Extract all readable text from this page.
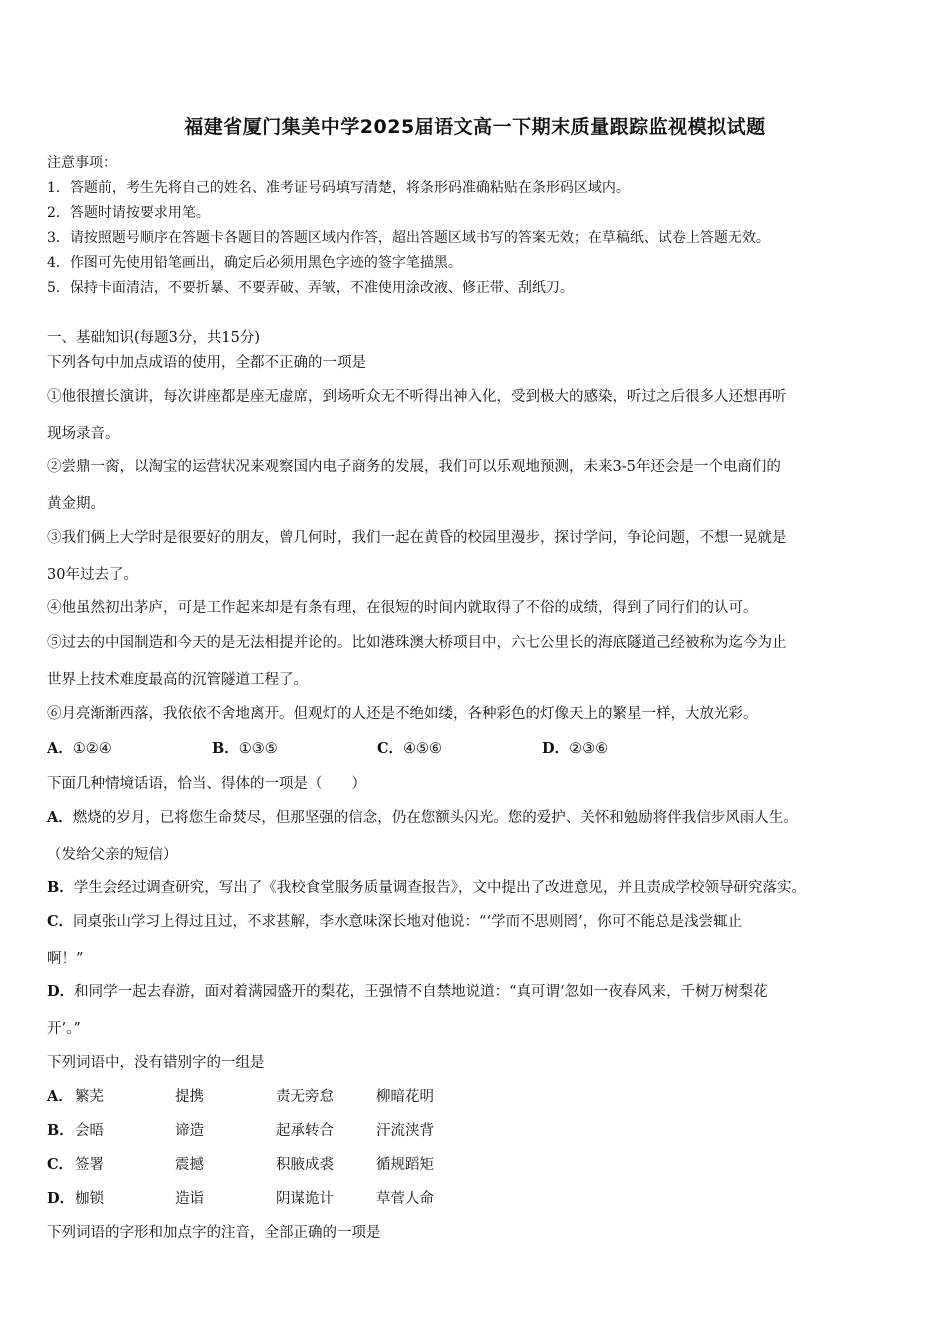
福建省厦门集美中学2025届语文高一下期末质量跟踪监视模拟试题
注意事项：
1．答题前，考生先将自己的姓名、准考证号码填写清楚，将条形码准确粘贴在条形码区域内。
2．答题时请按要求用笔。
3．请按照题号顺序在答题卡各题目的答题区域内作答，超出答题区域书写的答案无效；在草稿纸、试卷上答题无效。
4．作图可先使用铅笔画出，确定后必须用黑色字迹的签字笔描黑。
5．保持卡面清洁，不要折暴、不要弄破、弄皱，不准使用涂改液、修正带、刮纸刀。
一、基础知识(每题3分，共15分)
下列各句中加点成语的使用，全都不正确的一项是
①他很擅长演讲，每次讲座都是座无虚席，到场听众无不听得出神入化，受到极大的感染，听过之后很多人还想再听
现场录音。
②尝鼎一脔，以淘宝的运营状况来观察国内电子商务的发展，我们可以乐观地预测，未来3-5年还会是一个电商们的
黄金期。
③我们俩上大学时是很要好的朋友，曾几何时，我们一起在黄昏的校园里漫步，探讨学问，争论问题，不想一晃就是
30年过去了。
④他虽然初出茅庐，可是工作起来却是有条有理，在很短的时间内就取得了不俗的成绩，得到了同行们的认可。
⑤过去的中国制造和今天的是无法相提并论的。比如港珠澳大桥项目中，六七公里长的海底隧道己经被称为迄今为止
世界上技术难度最高的沉管隧道工程了。
⑥月亮渐渐西落，我依依不舍地离开。但观灯的人还是不绝如缕，各种彩色的灯像天上的繁星一样，大放光彩。
A．①②④	B．①③⑤	C．④⑤⑥	D．②③⑥
下面几种情境话语，恰当、得体的一项是（　　）
A．燃烧的岁月，已将您生命焚尽，但那坚强的信念，仍在您额头闪光。您的爱护、关怀和勉励将伴我信步风雨人生。
（发给父亲的短信）
B．学生会经过调查研究，写出了《我校食堂服务质量调查报告》，文中提出了改进意见，并且责成学校领导研究落实。
C．同桌张山学习上得过且过，不求甚解，李水意味深长地对他说：“‘学而不思则罔’，你可不能总是浅尝辄止
啊！”
D．和同学一起去春游，面对着满园盛开的梨花，王强情不自禁地说道：“真可谓‘忽如一夜春风来，千树万树梨花
开’。”
下列词语中，没有错别字的一组是
A． 繁芜	提携	责无旁怠	柳暗花明
B． 会晤	谛造	起承转合	汗流浃背
C． 签署	震撼	积腋成裘	循规蹈矩
D． 枷锁	造诣	阴谋诡计	草菅人命
下列词语的字形和加点字的注音，全部正确的一项是
